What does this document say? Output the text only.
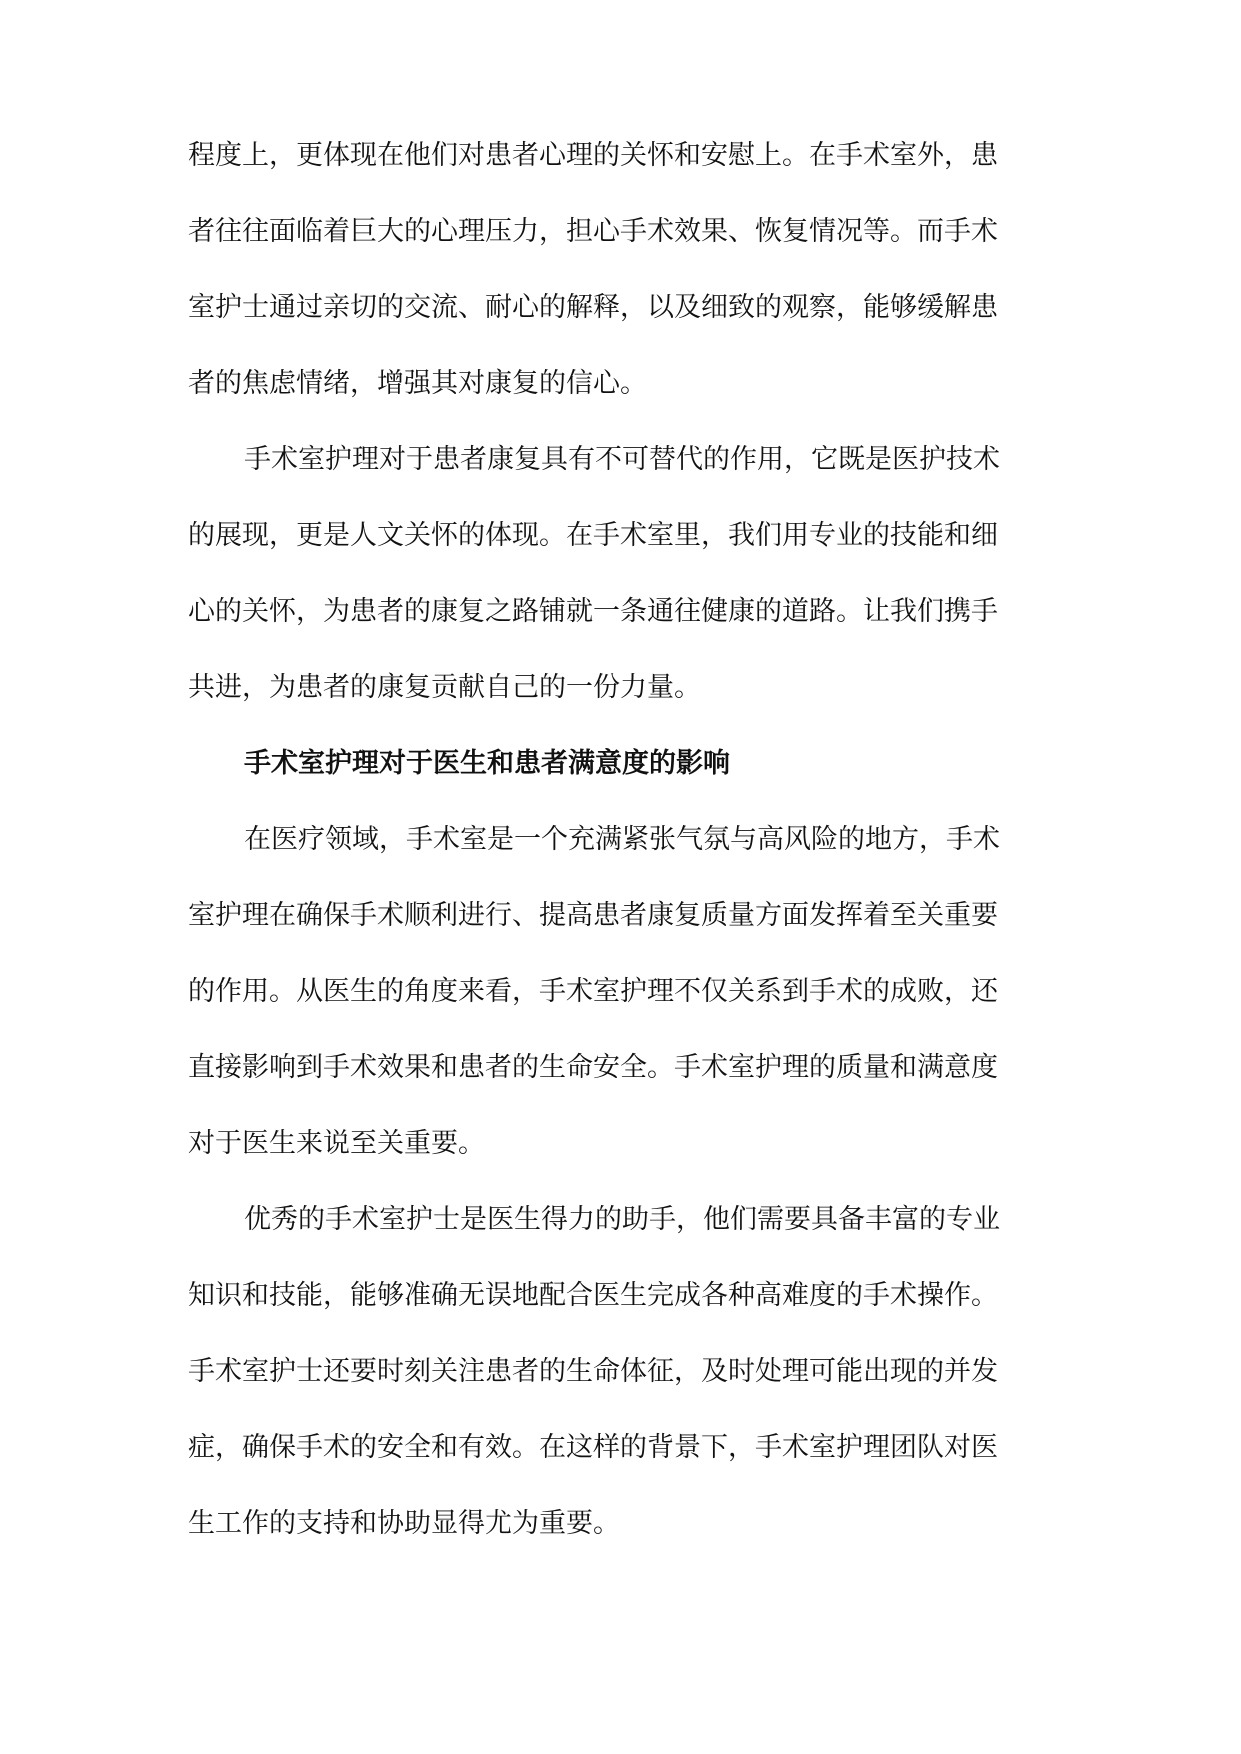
程度上，更体现在他们对患者心理的关怀和安慰上。在手术室外，患
者往往面临着巨大的心理压力，担心手术效果、恢复情况等。而手术
室护士通过亲切的交流、耐心的解释，以及细致的观察，能够缓解患
者的焦虑情绪，增强其对康复的信心。
手术室护理对于患者康复具有不可替代的作用，它既是医护技术
的展现，更是人文关怀的体现。在手术室里，我们用专业的技能和细
心的关怀，为患者的康复之路铺就一条通往健康的道路。让我们携手
共进，为患者的康复贡献自己的一份力量。
手术室护理对于医生和患者满意度的影响
在医疗领域，手术室是一个充满紧张气氛与高风险的地方，手术
室护理在确保手术顺利进行、提高患者康复质量方面发挥着至关重要
的作用。从医生的角度来看，手术室护理不仅关系到手术的成败，还
直接影响到手术效果和患者的生命安全。手术室护理的质量和满意度
对于医生来说至关重要。
优秀的手术室护士是医生得力的助手，他们需要具备丰富的专业
知识和技能，能够准确无误地配合医生完成各种高难度的手术操作。
手术室护士还要时刻关注患者的生命体征，及时处理可能出现的并发
症，确保手术的安全和有效。在这样的背景下，手术室护理团队对医
生工作的支持和协助显得尤为重要。
